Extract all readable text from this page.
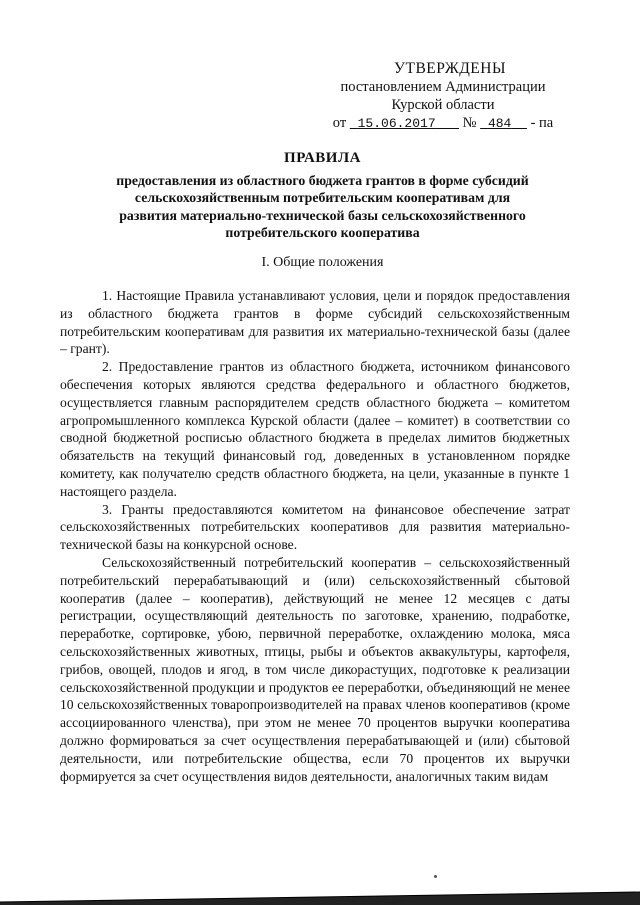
УТВЕРЖДЕНЫ
постановлением Администрации
Курской области
от 15.06.2017 № 484 - па
ПРАВИЛА
предоставления из областного бюджета грантов в форме субсидий
сельскохозяйственным потребительским кооперативам для
развития материально-технической базы сельскохозяйственного
потребительского кооператива
I. Общие положения

1. Настоящие Правила устанавливают условия, цели и порядок предоставления из областного бюджета грантов в форме субсидий сельскохозяйственным потребительским кооперативам для развития их материально-технической базы (далее – грант).

2. Предоставление грантов из областного бюджета, источником финансового обеспечения которых являются средства федерального и областного бюджетов, осуществляется главным распорядителем средств областного бюджета – комитетом агропромышленного комплекса Курской области (далее – комитет) в соответствии со сводной бюджетной росписью областного бюджета в пределах лимитов бюджетных обязательств на текущий финансовый год, доведенных в установленном порядке комитету, как получателю средств областного бюджета, на цели, указанные в пункте 1 настоящего раздела.

3. Гранты предоставляются комитетом на финансовое обеспечение затрат сельскохозяйственных потребительских кооперативов для развития материально-технической базы на конкурсной основе.

Сельскохозяйственный потребительский кооператив – сельскохозяйственный потребительский перерабатывающий и (или) сельскохозяйственный сбытовой кооператив (далее – кооператив), действующий не менее 12 месяцев с даты регистрации, осуществляющий деятельность по заготовке, хранению, подработке, переработке, сортировке, убою, первичной переработке, охлаждению молока, мяса сельскохозяйственных животных, птицы, рыбы и объектов аквакультуры, картофеля, грибов, овощей, плодов и ягод, в том числе дикорастущих, подготовке к реализации сельскохозяйственной продукции и продуктов ее переработки, объединяющий не менее 10 сельскохозяйственных товаропроизводителей на правах членов кооперативов (кроме ассоциированного членства), при этом не менее 70 процентов выручки кооператива должно формироваться за счет осуществления перерабатывающей и (или) сбытовой деятельности, или потребительские общества, если 70 процентов их выручки формируется за счет осуществления видов деятельности, аналогичных таким видам
